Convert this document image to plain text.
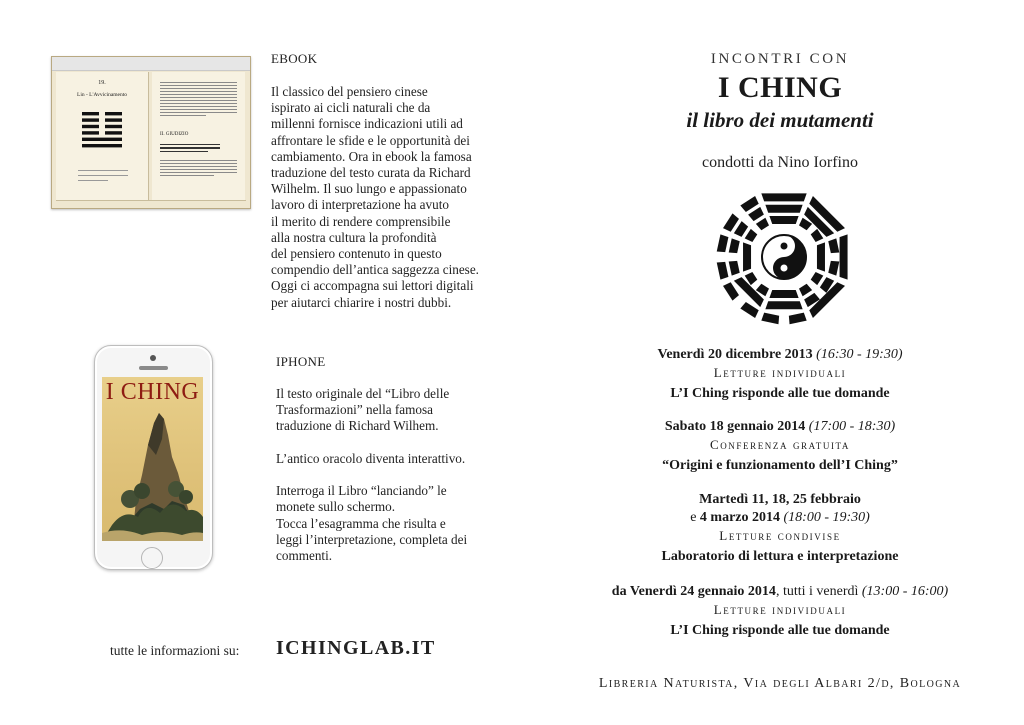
19.
Lin - L'Avvicinamento
II. GIUDIZIO
EBOOK
Il classico del pensiero cinese
ispirato ai cicli naturali che da
millenni fornisce indicazioni utili ad
affrontare le sfide e le opportunità dei
cambiamento. Ora in ebook la famosa
traduzione del testo curata da Richard
Wilhelm. Il suo lungo e appassionato
lavoro di interpretazione ha avuto
il merito di rendere comprensibile
alla nostra cultura la profondità
del pensiero contenuto in questo
compendio dell’antica saggezza cinese.
Oggi ci accompagna sui lettori digitali
per aiutarci chiarire i nostri dubbi.
I CHING
IPHONE
Il testo originale del “Libro delle
Trasformazioni” nella famosa
traduzione di Richard Wilhem.

L’antico oracolo diventa interattivo.

Interroga il Libro “lanciando” le
monete sullo schermo.
Tocca l’esagramma che risulta e
leggi l’interpretazione, completa dei
commenti.
tutte le informazioni su: ICHINGLAB.IT
INCONTRI CON
I CHING
il libro dei mutamenti
condotti da Nino Iorfino
Venerdì 20 dicembre 2013 (16:30 - 19:30)
Letture individuali
L’I Ching risponde alle tue domande
Sabato 18 gennaio 2014 (17:00 - 18:30)
Conferenza gratuita
“Origini e funzionamento dell’I Ching”
Martedì 11, 18, 25 febbraio
e 4 marzo 2014 (18:00 - 19:30)
Letture condivise
Laboratorio di lettura e interpretazione
da Venerdì 24 gennaio 2014, tutti i venerdì (13:00 - 16:00)
Letture individuali
L’I Ching risponde alle tue domande
Libreria Naturista, Via degli Albari 2/d, Bologna
